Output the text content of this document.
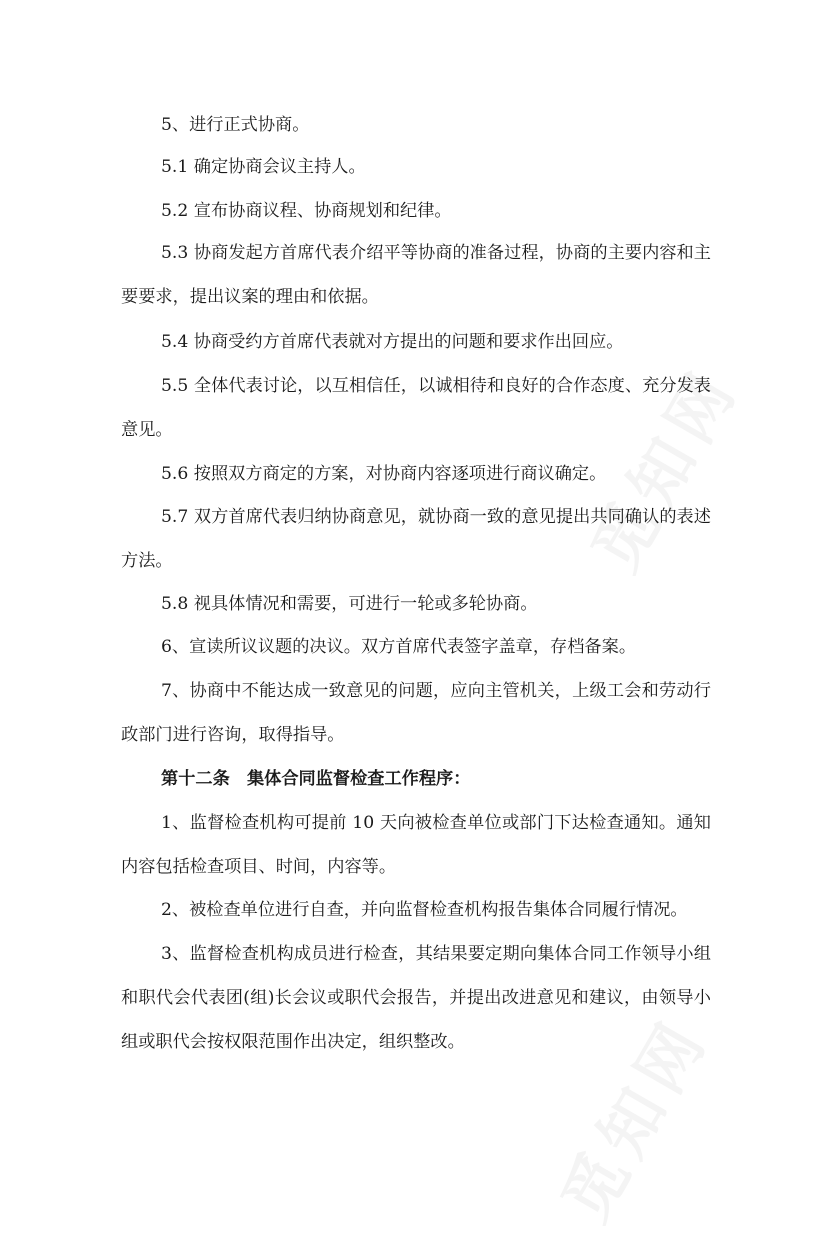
5、进行正式协商。

5.1 确定协商会议主持人。

5.2 宣布协商议程、协商规划和纪律。

5.3 协商发起方首席代表介绍平等协商的准备过程，协商的主要内容和主要要求，提出议案的理由和依据。

5.4 协商受约方首席代表就对方提出的问题和要求作出回应。

5.5 全体代表讨论，以互相信任，以诚相待和良好的合作态度、充分发表意见。

5.6 按照双方商定的方案，对协商内容逐项进行商议确定。

5.7 双方首席代表归纳协商意见，就协商一致的意见提出共同确认的表述方法。

5.8 视具体情况和需要，可进行一轮或多轮协商。

6、宣读所议议题的决议。双方首席代表签字盖章，存档备案。

7、协商中不能达成一致意见的问题，应向主管机关，上级工会和劳动行政部门进行咨询，取得指导。

第十二条　集体合同监督检查工作程序：

1、监督检查机构可提前 10 天向被检查单位或部门下达检查通知。通知内容包括检查项目、时间，内容等。

2、被检查单位进行自查，并向监督检查机构报告集体合同履行情况。

3、监督检查机构成员进行检查，其结果要定期向集体合同工作领导小组和职代会代表团(组)长会议或职代会报告，并提出改进意见和建议，由领导小组或职代会按权限范围作出决定，组织整改。
